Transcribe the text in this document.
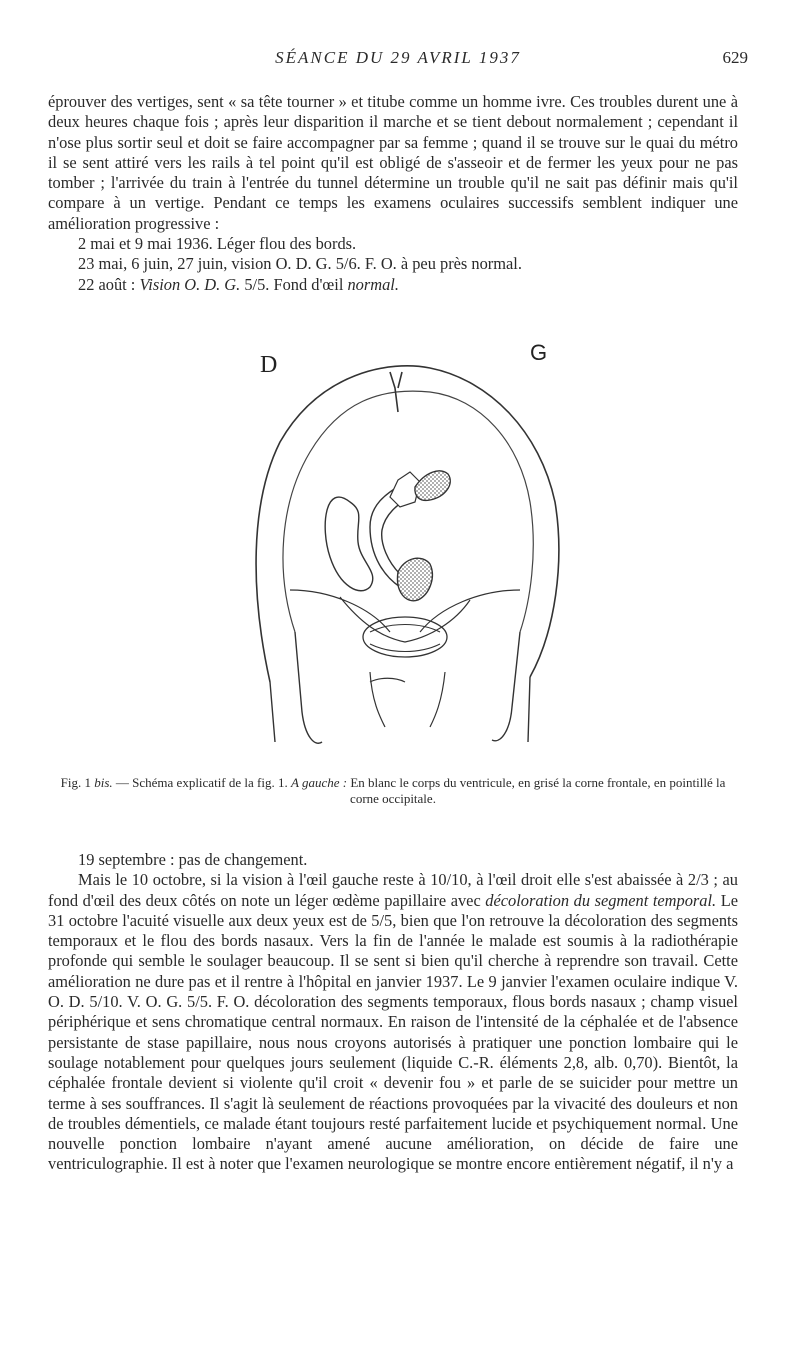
SÉANCE DU 29 AVRIL 1937	629

éprouver des vertiges, sent « sa tête tourner » et titube comme un homme ivre. Ces troubles durent une à deux heures chaque fois ; après leur disparition il marche et se tient debout normalement ; cependant il n'ose plus sortir seul et doit se faire accompagner par sa femme ; quand il se trouve sur le quai du métro il se sent attiré vers les rails à tel point qu'il est obligé de s'asseoir et de fermer les yeux pour ne pas tomber ; l'arrivée du train à l'entrée du tunnel détermine un trouble qu'il ne sait pas définir mais qu'il compare à un vertige. Pendant ce temps les examens oculaires successifs semblent indiquer une amélioration progressive :

2 mai et 9 mai 1936. Léger flou des bords.

23 mai, 6 juin, 27 juin, vision O. D. G. 5/6. F. O. à peu près normal.

22 août : Vision O. D. G. 5/5. Fond d'œil normal.

D	G
Fig. 1 bis. — Schéma explicatif de la fig. 1. A gauche : En blanc le corps du ventricule, en grisé la corne frontale, en pointillé la corne occipitale.

19 septembre : pas de changement.

Mais le 10 octobre, si la vision à l'œil gauche reste à 10/10, à l'œil droit elle s'est abaissée à 2/3 ; au fond d'œil des deux côtés on note un léger œdème papillaire avec décoloration du segment temporal. Le 31 octobre l'acuité visuelle aux deux yeux est de 5/5, bien que l'on retrouve la décoloration des segments temporaux et le flou des bords nasaux. Vers la fin de l'année le malade est soumis à la radiothérapie profonde qui semble le soulager beaucoup. Il se sent si bien qu'il cherche à reprendre son travail. Cette amélioration ne dure pas et il rentre à l'hôpital en janvier 1937. Le 9 janvier l'examen oculaire indique V. O. D. 5/10. V. O. G. 5/5. F. O. décoloration des segments temporaux, flous bords nasaux ; champ visuel périphérique et sens chromatique central normaux. En raison de l'intensité de la céphalée et de l'absence persistante de stase papillaire, nous nous croyons autorisés à pratiquer une ponction lombaire qui le soulage notablement pour quelques jours seulement (liquide C.-R. éléments 2,8, alb. 0,70). Bientôt, la céphalée frontale devient si violente qu'il croit « devenir fou » et parle de se suicider pour mettre un terme à ses souffrances. Il s'agit là seulement de réactions provoquées par la vivacité des douleurs et non de troubles démentiels, ce malade étant toujours resté parfaitement lucide et psychiquement normal. Une nouvelle ponction lombaire n'ayant amené aucune amélioration, on décide de faire une ventriculographie. Il est à noter que l'examen neurologique se montre encore entièrement négatif, il n'y a
